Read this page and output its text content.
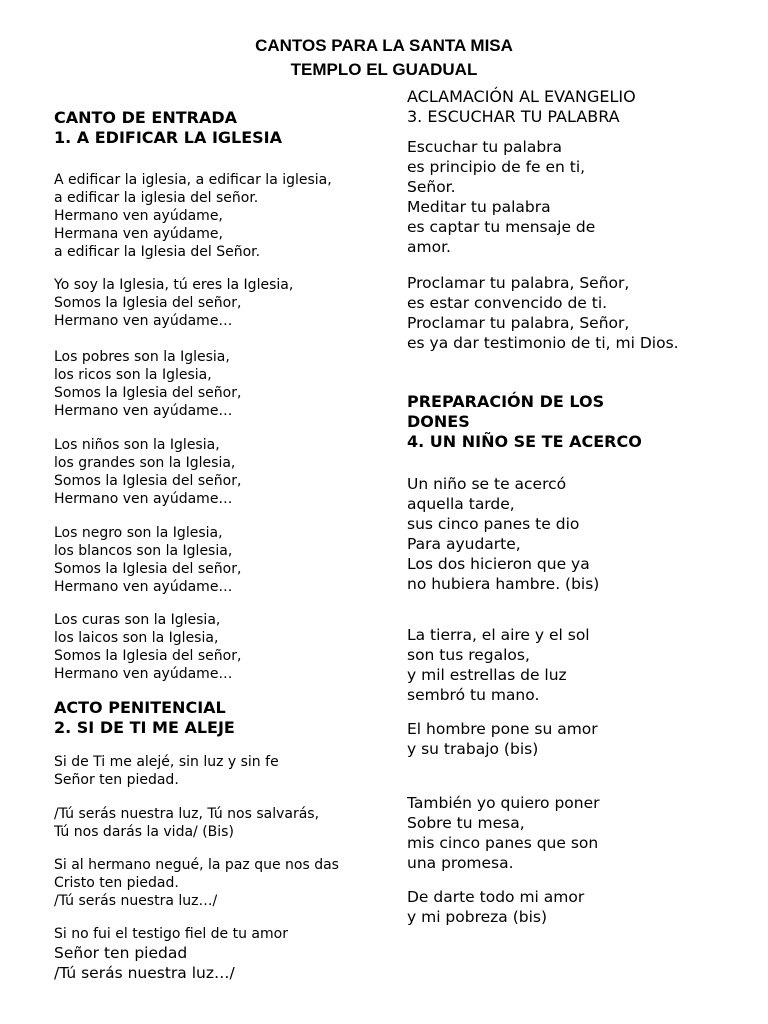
CANTOS PARA LA SANTA MISA
TEMPLO EL GUADUAL
CANTO DE ENTRADA
1. A EDIFICAR LA IGLESIA
A edificar la iglesia, a edificar la iglesia,
a edificar la iglesia del señor.
Hermano ven ayúdame,
Hermana ven ayúdame,
a edificar la Iglesia del Señor.
Yo soy la Iglesia, tú eres la Iglesia,
Somos la Iglesia del señor,
Hermano ven ayúdame…
Los pobres son la Iglesia,
los ricos son la Iglesia,
Somos la Iglesia del señor,
Hermano ven ayúdame…
Los niños son la Iglesia,
los grandes son la Iglesia,
Somos la Iglesia del señor,
Hermano ven ayúdame…
Los negro son la Iglesia,
los blancos son la Iglesia,
Somos la Iglesia del señor,
Hermano ven ayúdame…
Los curas son la Iglesia,
los laicos son la Iglesia,
Somos la Iglesia del señor,
Hermano ven ayúdame…
ACTO PENITENCIAL
2. SI DE TI ME ALEJE
Si de Ti me alejé, sin luz y sin fe
Señor ten piedad.
/Tú serás nuestra luz, Tú nos salvarás,
Tú nos darás la vida/ (Bis)
Si al hermano negué, la paz que nos das
Cristo ten piedad.
/Tú serás nuestra luz…/
Si no fui el testigo fiel de tu amor
Señor ten piedad
/Tú serás nuestra luz…/
ACLAMACIÓN AL EVANGELIO
3. ESCUCHAR TU PALABRA
Escuchar tu palabra
es principio de fe en ti,
Señor.
Meditar tu palabra
es captar tu mensaje de
amor.
Proclamar tu palabra, Señor,
es estar convencido de ti.
Proclamar tu palabra, Señor,
es ya dar testimonio de ti, mi Dios.
PREPARACIÓN DE LOS
DONES
4. UN NIÑO SE TE ACERCO
Un niño se te acercó
aquella tarde,
sus cinco panes te dio
Para ayudarte,
Los dos hicieron que ya
no hubiera hambre. (bis)
La tierra, el aire y el sol
son tus regalos,
y mil estrellas de luz
sembró tu mano.
El hombre pone su amor
y su trabajo (bis)
También yo quiero poner
Sobre tu mesa,
mis cinco panes que son
una promesa.
De darte todo mi amor
y mi pobreza (bis)
